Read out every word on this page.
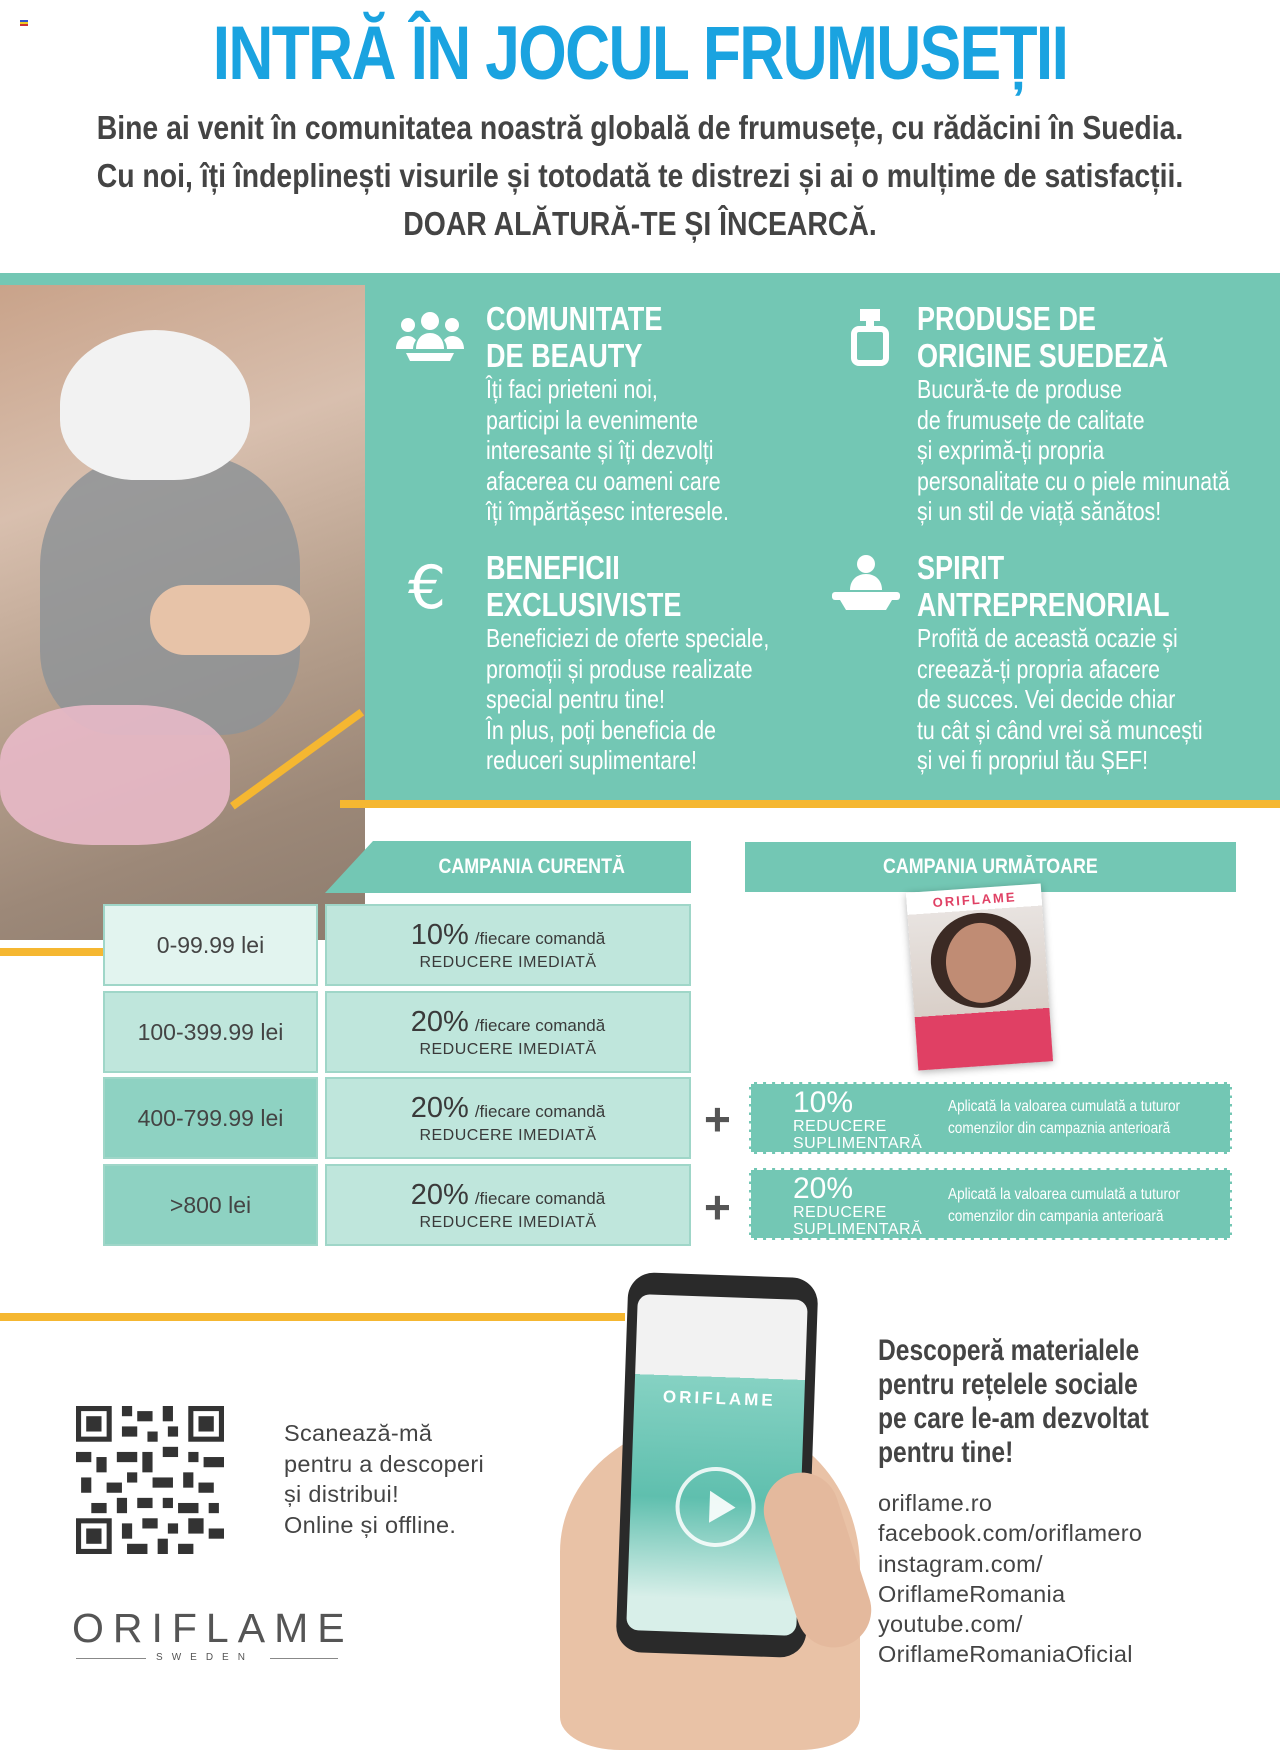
INTRĂ ÎN JOCUL FRUMUSEȚII
Bine ai venit în comunitatea noastră globală de frumusețe, cu rădăcini în Suedia.
Cu noi, îți îndeplinești visurile și totodată te distrezi și ai o mulțime de satisfacții.
DOAR ALĂTURĂ-TE ȘI ÎNCEARCĂ.
COMUNITATE
DE BEAUTY
Îți faci prieteni noi,
participi la evenimente
interesante și îți dezvolți
afacerea cu oameni care
îți împărtășesc interesele.
PRODUSE DE
ORIGINE SUEDEZĂ
Bucură-te de produse
de frumusețe de calitate
și exprimă-ți propria
personalitate cu o piele minunată
și un stil de viață sănătos!
€ BENEFICII
EXCLUSIVISTE
Beneficiezi de oferte speciale,
promoții și produse realizate
special pentru tine!
În plus, poți beneficia de
reduceri suplimentare!
SPIRIT
ANTREPRENORIAL
Profită de această ocazie și
creează-ți propria afacere
de succes. Vei decide chiar
tu cât și când vrei să muncești
și vei fi propriul tău ȘEF!
CAMPANIA CURENTĂ	CAMPANIA URMĂTOARE
0-99.99 lei	10% /fiecare comandă
REDUCERE IMEDIATĂ
100-399.99 lei	20% /fiecare comandă
REDUCERE IMEDIATĂ
400-799.99 lei	20% /fiecare comandă
REDUCERE IMEDIATĂ
>800 lei	20% /fiecare comandă
REDUCERE IMEDIATĂ
+
+
10%
REDUCERE
SUPLIMENTARĂ
Aplicată la valoarea cumulată a tuturor
comenzilor din campaznia anterioară
20%
REDUCERE
SUPLIMENTARĂ
Aplicată la valoarea cumulată a tuturor
comenzilor din campania anterioară
ORIFLAME
Scanează-mă
pentru a descoperi
și distribui!
Online și offline.
ORIFLAME
SWEDEN
ORIFLAME
Descoperă materialele
pentru rețelele sociale
pe care le-am dezvoltat
pentru tine!
oriflame.ro
facebook.com/oriflamero
instagram.com/
OriflameRomania
youtube.com/
OriflameRomaniaOficial
